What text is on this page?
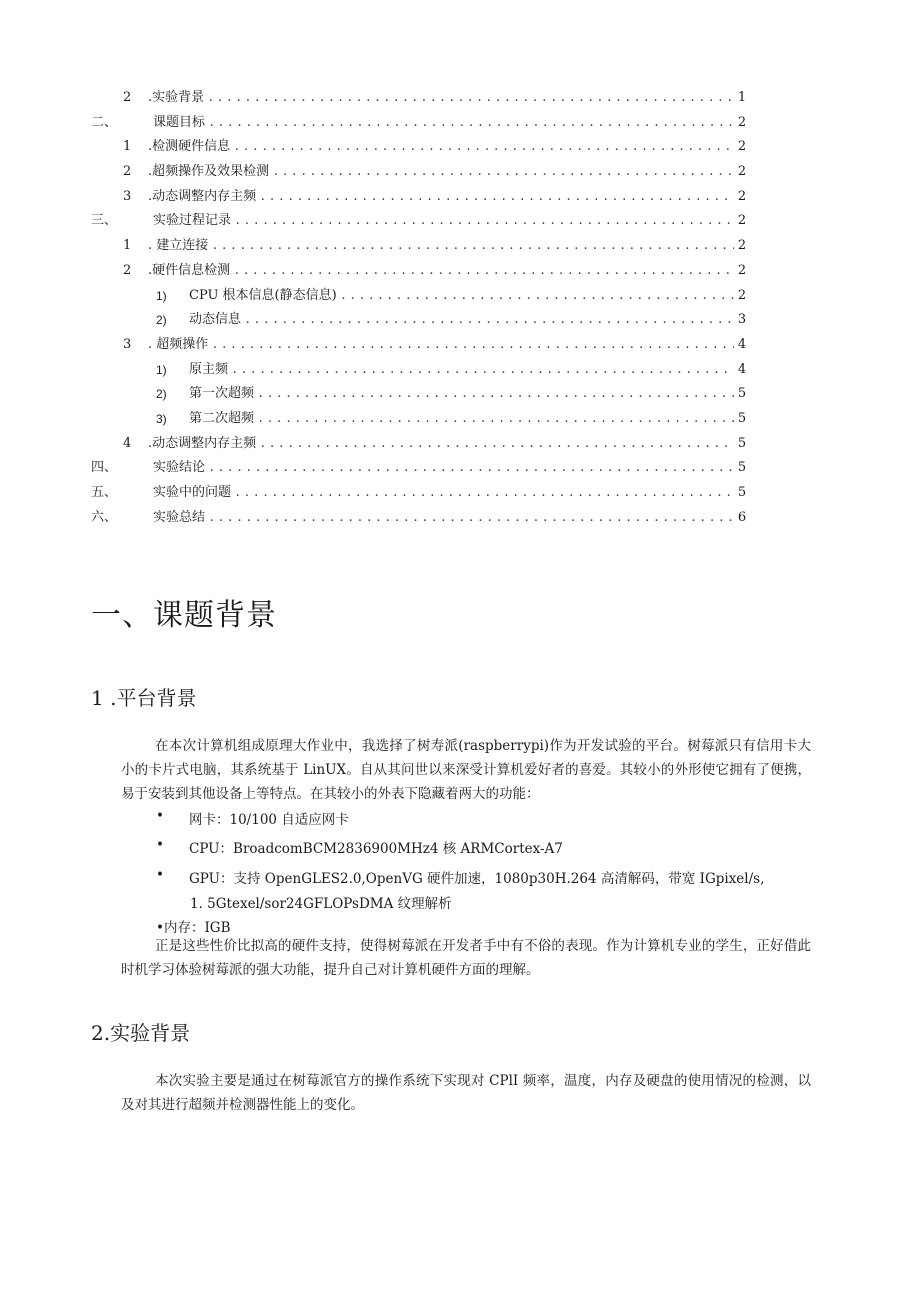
2 .实验背景 . . .	1
二、	课题目标 . . .	2
1 .检测硬件信息 . . .	2
2 .超频操作及效果检测 . . .	2
3 .动态调整内存主频 . . .	2
三、	实验过程记录 . . .	2
1 . 建立连接 . . .	2
2 .硬件信息检测 . . .	2
1) CPU 根本信息(静态信息) . . .	2
2) 动态信息 . . .	3
3 . 超频操作 . . .	4
1) 原主频 . . .	4
2) 第一次超频 . . .	5
3) 第二次超频 . . .	5
4 .动态调整内存主频 . . .	5
四、	实验结论 . . .	5
五、	实验中的问题 . . .	5
六、	实验总结 . . .	6
一、课题背景
1 .平台背景

在本次计算机组成原理大作业中，我选择了树寿派(raspberrypi)作为开发试验的平台。树莓派只有信用卡大小的卡片式电脑，其系统基于 LinUX。自从其问世以来深受计算机爱好者的喜爱。其较小的外形使它拥有了便携，易于安装到其他设备上等特点。在其较小的外表下隐藏着两大的功能：

• 网卡：10/100 自适应网卡
• CPU：BroadcomBCM2836900MHz4 核 ARMCortex-A7
• GPU：支持 OpenGLES2.0,OpenVG 硬件加速，1080p30H.264 高清解码，带宽 IGpixel/s,
1. 5Gtexel/sor24GFLOPsDMA 纹理解析
•内存：IGB

正是这些性价比拟高的硬件支持，使得树莓派在开发者手中有不俗的表现。作为计算机专业的学生，正好借此时机学习体验树莓派的强大功能，提升自己对计算机硬件方面的理解。

2.实验背景

本次实验主要是通过在树莓派官方的操作系统下实现对 CPlI 频率，温度，内存及硬盘的使用情况的检测，以及对其进行超频并检测器性能上的变化。
